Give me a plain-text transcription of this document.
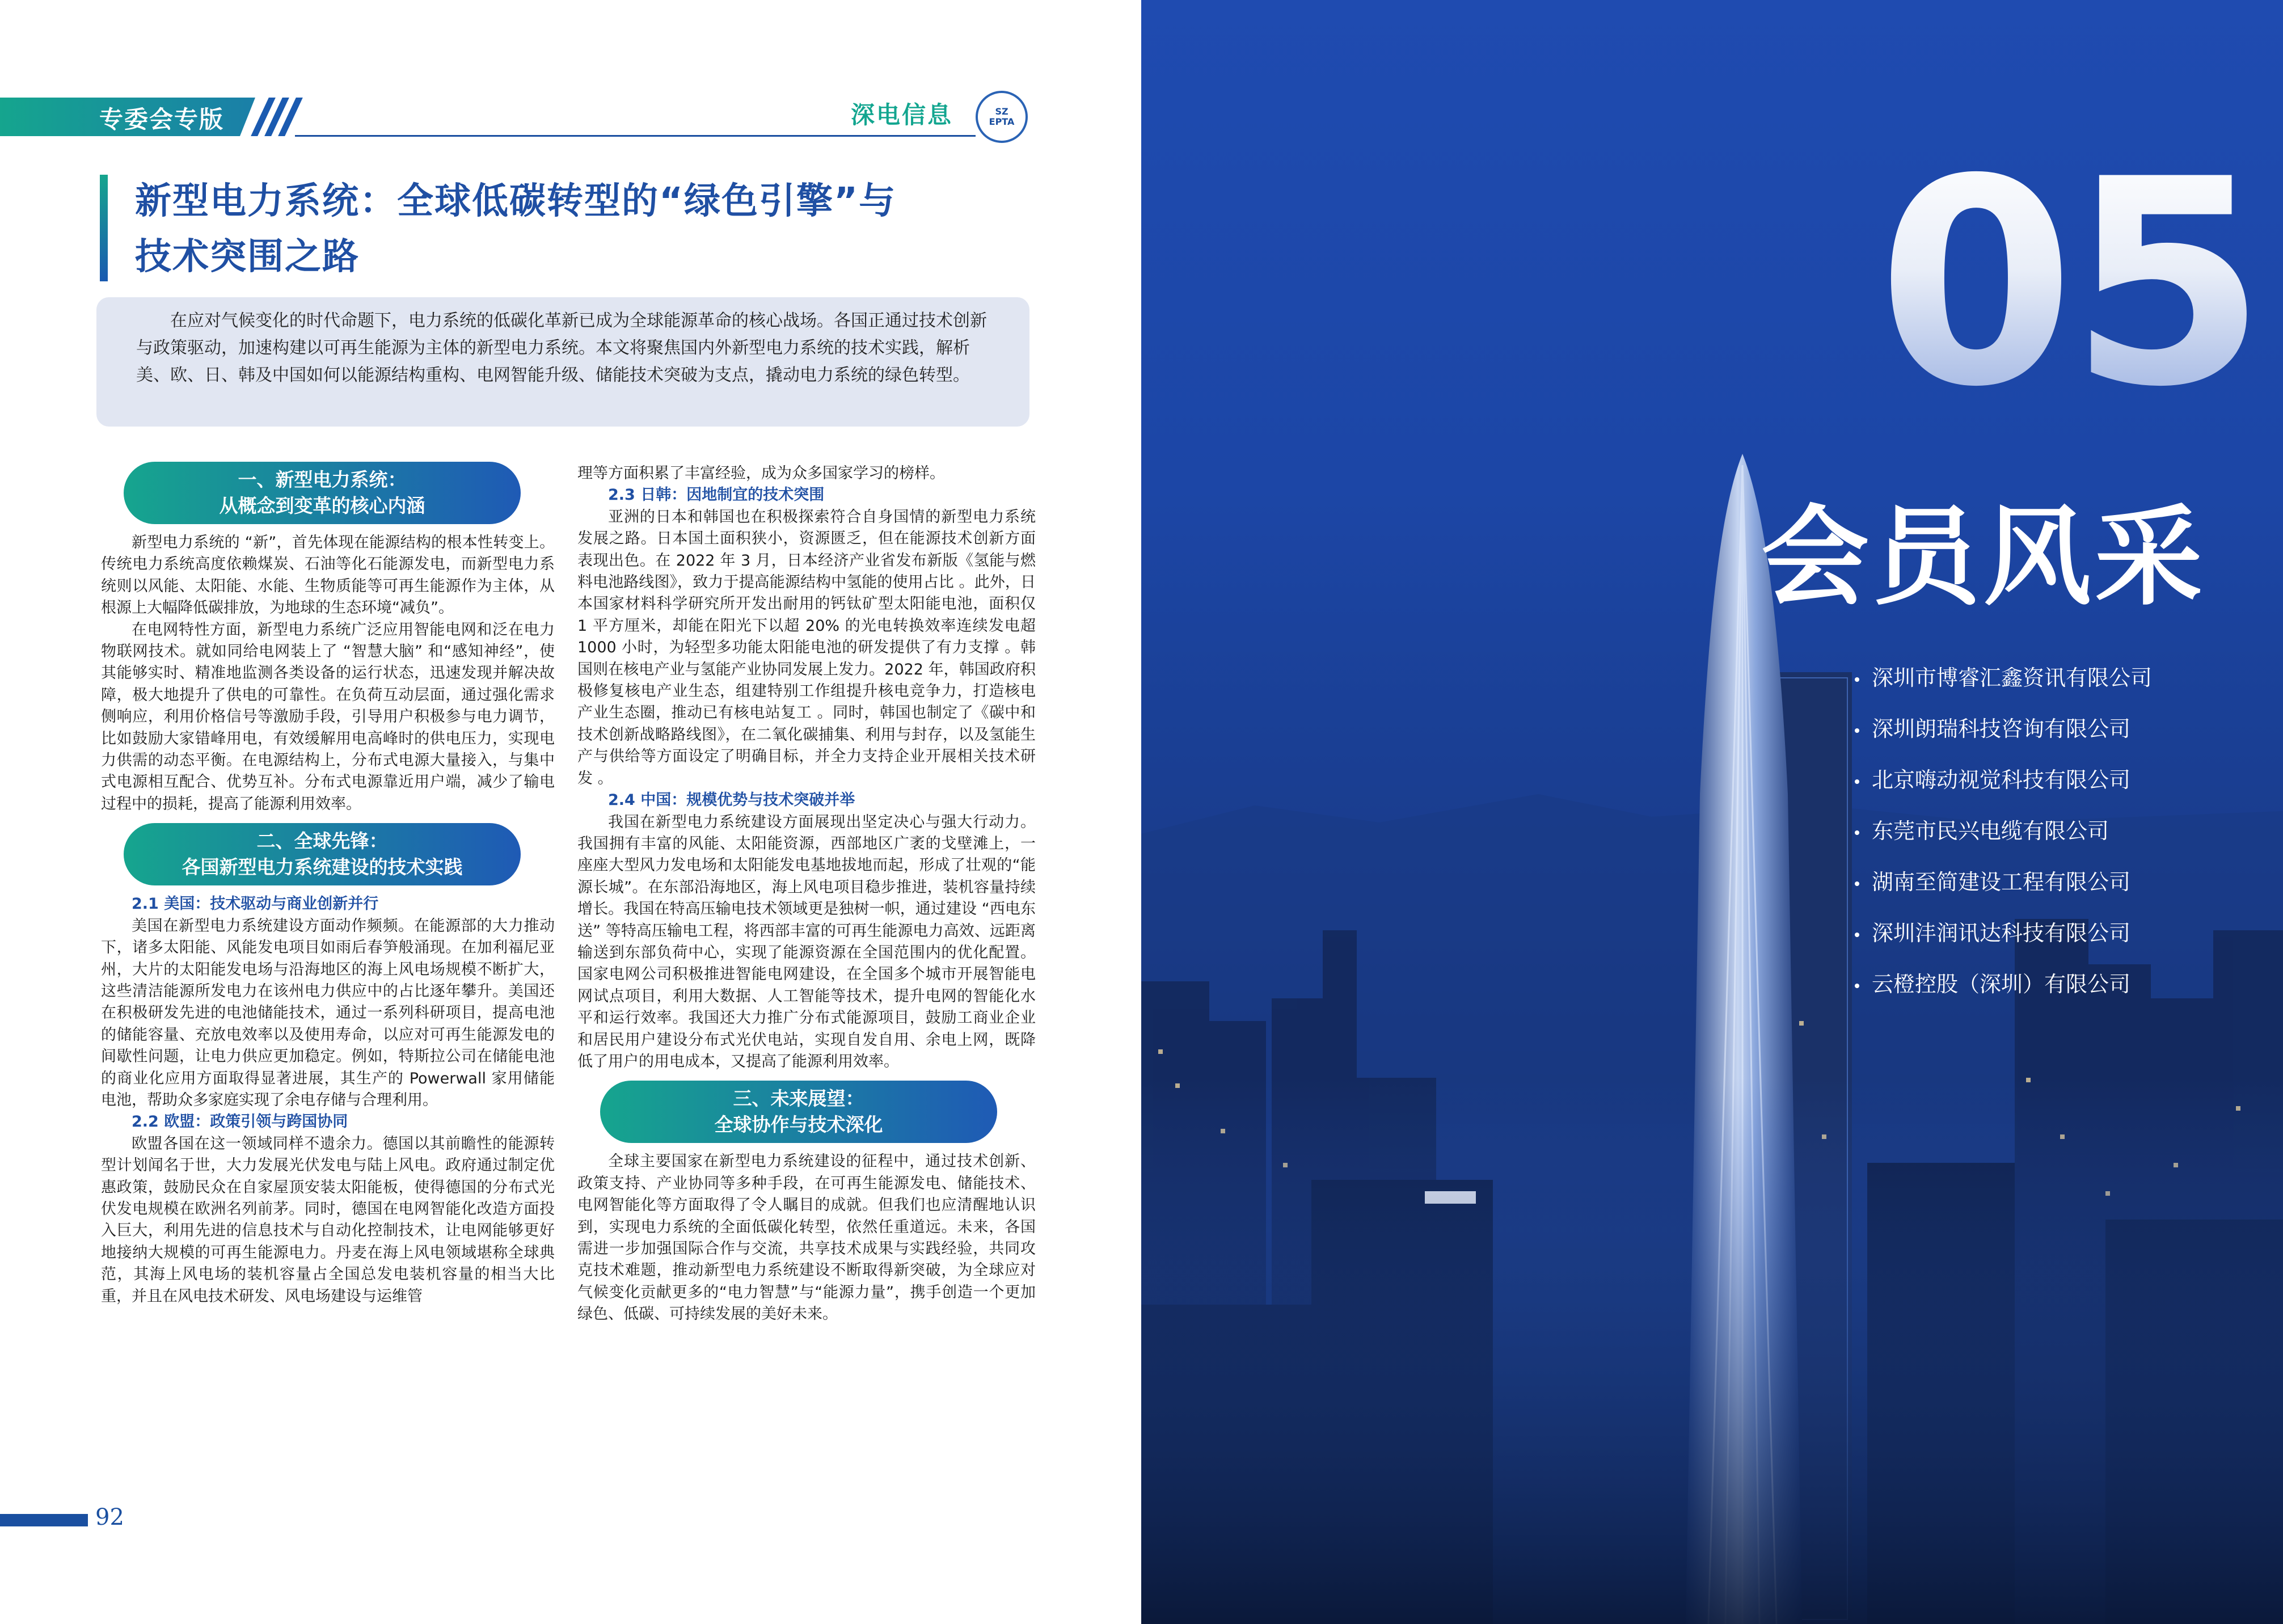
专委会专版	深电信息	SZ
EPTA
新型电力系统：全球低碳转型的“绿色引擎”与
技术突围之路
在应对气候变化的时代命题下，电力系统的低碳化革新已成为全球能源革命的核心战场。各国正通过技术创新与政策驱动，加速构建以可再生能源为主体的新型电力系统。本文将聚焦国内外新型电力系统的技术实践，解析美、欧、日、韩及中国如何以能源结构重构、电网智能升级、储能技术突破为支点，撬动电力系统的绿色转型。
一、新型电力系统：
从概念到变革的核心内涵

新型电力系统的 “新”，首先体现在能源结构的根本性转变上。传统电力系统高度依赖煤炭、石油等化石能源发电，而新型电力系统则以风能、太阳能、水能、生物质能等可再生能源作为主体，从根源上大幅降低碳排放，为地球的生态环境“减负”。

在电网特性方面，新型电力系统广泛应用智能电网和泛在电力物联网技术。就如同给电网装上了 “智慧大脑” 和“感知神经”，使其能够实时、精准地监测各类设备的运行状态，迅速发现并解决故障，极大地提升了供电的可靠性。在负荷互动层面，通过强化需求侧响应，利用价格信号等激励手段，引导用户积极参与电力调节，比如鼓励大家错峰用电，有效缓解用电高峰时的供电压力，实现电力供需的动态平衡。在电源结构上，分布式电源大量接入，与集中式电源相互配合、优势互补。分布式电源靠近用户端，减少了输电过程中的损耗，提高了能源利用效率。

二、全球先锋：
各国新型电力系统建设的技术实践

2.1 美国：技术驱动与商业创新并行

美国在新型电力系统建设方面动作频频。在能源部的大力推动下，诸多太阳能、风能发电项目如雨后春笋般涌现。在加利福尼亚州，大片的太阳能发电场与沿海地区的海上风电场规模不断扩大，这些清洁能源所发电力在该州电力供应中的占比逐年攀升。美国还在积极研发先进的电池储能技术，通过一系列科研项目，提高电池的储能容量、充放电效率以及使用寿命，以应对可再生能源发电的间歇性问题，让电力供应更加稳定。例如，特斯拉公司在储能电池的商业化应用方面取得显著进展，其生产的 Powerwall 家用储能电池，帮助众多家庭实现了余电存储与合理利用。

2.2 欧盟：政策引领与跨国协同

欧盟各国在这一领域同样不遗余力。德国以其前瞻性的能源转型计划闻名于世，大力发展光伏发电与陆上风电。政府通过制定优惠政策，鼓励民众在自家屋顶安装太阳能板，使得德国的分布式光伏发电规模在欧洲名列前茅。同时，德国在电网智能化改造方面投入巨大，利用先进的信息技术与自动化控制技术，让电网能够更好地接纳大规模的可再生能源电力。丹麦在海上风电领域堪称全球典范，其海上风电场的装机容量占全国总发电装机容量的相当大比重，并且在风电技术研发、风电场建设与运维管

理等方面积累了丰富经验，成为众多国家学习的榜样。

2.3 日韩：因地制宜的技术突围

亚洲的日本和韩国也在积极探索符合自身国情的新型电力系统发展之路。日本国土面积狭小，资源匮乏，但在能源技术创新方面表现出色。在 2022 年 3 月，日本经济产业省发布新版《氢能与燃料电池路线图》，致力于提高能源结构中氢能的使用占比 。此外，日本国家材料科学研究所开发出耐用的钙钛矿型太阳能电池，面积仅 1 平方厘米，却能在阳光下以超 20% 的光电转换效率连续发电超 1000 小时，为轻型多功能太阳能电池的研发提供了有力支撑 。韩国则在核电产业与氢能产业协同发展上发力。2022 年，韩国政府积极修复核电产业生态，组建特别工作组提升核电竞争力，打造核电产业生态圈，推动已有核电站复工 。同时，韩国也制定了《碳中和技术创新战略路线图》，在二氧化碳捕集、利用与封存，以及氢能生产与供给等方面设定了明确目标，并全力支持企业开展相关技术研发 。

2.4 中国：规模优势与技术突破并举

我国在新型电力系统建设方面展现出坚定决心与强大行动力。我国拥有丰富的风能、太阳能资源，西部地区广袤的戈壁滩上，一座座大型风力发电场和太阳能发电基地拔地而起，形成了壮观的“能源长城”。在东部沿海地区，海上风电项目稳步推进，装机容量持续增长。我国在特高压输电技术领域更是独树一帜，通过建设 “西电东送” 等特高压输电工程，将西部丰富的可再生能源电力高效、远距离输送到东部负荷中心，实现了能源资源在全国范围内的优化配置。国家电网公司积极推进智能电网建设，在全国多个城市开展智能电网试点项目，利用大数据、人工智能等技术，提升电网的智能化水平和运行效率。我国还大力推广分布式能源项目，鼓励工商业企业和居民用户建设分布式光伏电站，实现自发自用、余电上网，既降低了用户的用电成本，又提高了能源利用效率。

三、未来展望：
全球协作与技术深化

全球主要国家在新型电力系统建设的征程中，通过技术创新、政策支持、产业协同等多种手段，在可再生能源发电、储能技术、电网智能化等方面取得了令人瞩目的成就。但我们也应清醒地认识到，实现电力系统的全面低碳化转型，依然任重道远。未来，各国需进一步加强国际合作与交流，共享技术成果与实践经验，共同攻克技术难题，推动新型电力系统建设不断取得新突破，为全球应对气候变化贡献更多的“电力智慧”与“能源力量”，携手创造一个更加绿色、低碳、可持续发展的美好未来。

92
05
会员风采
深圳市博睿汇鑫资讯有限公司
深圳朗瑞科技咨询有限公司
北京嗨动视觉科技有限公司
东莞市民兴电缆有限公司
湖南至简建设工程有限公司
深圳沣润讯达科技有限公司
云橙控股（深圳）有限公司
